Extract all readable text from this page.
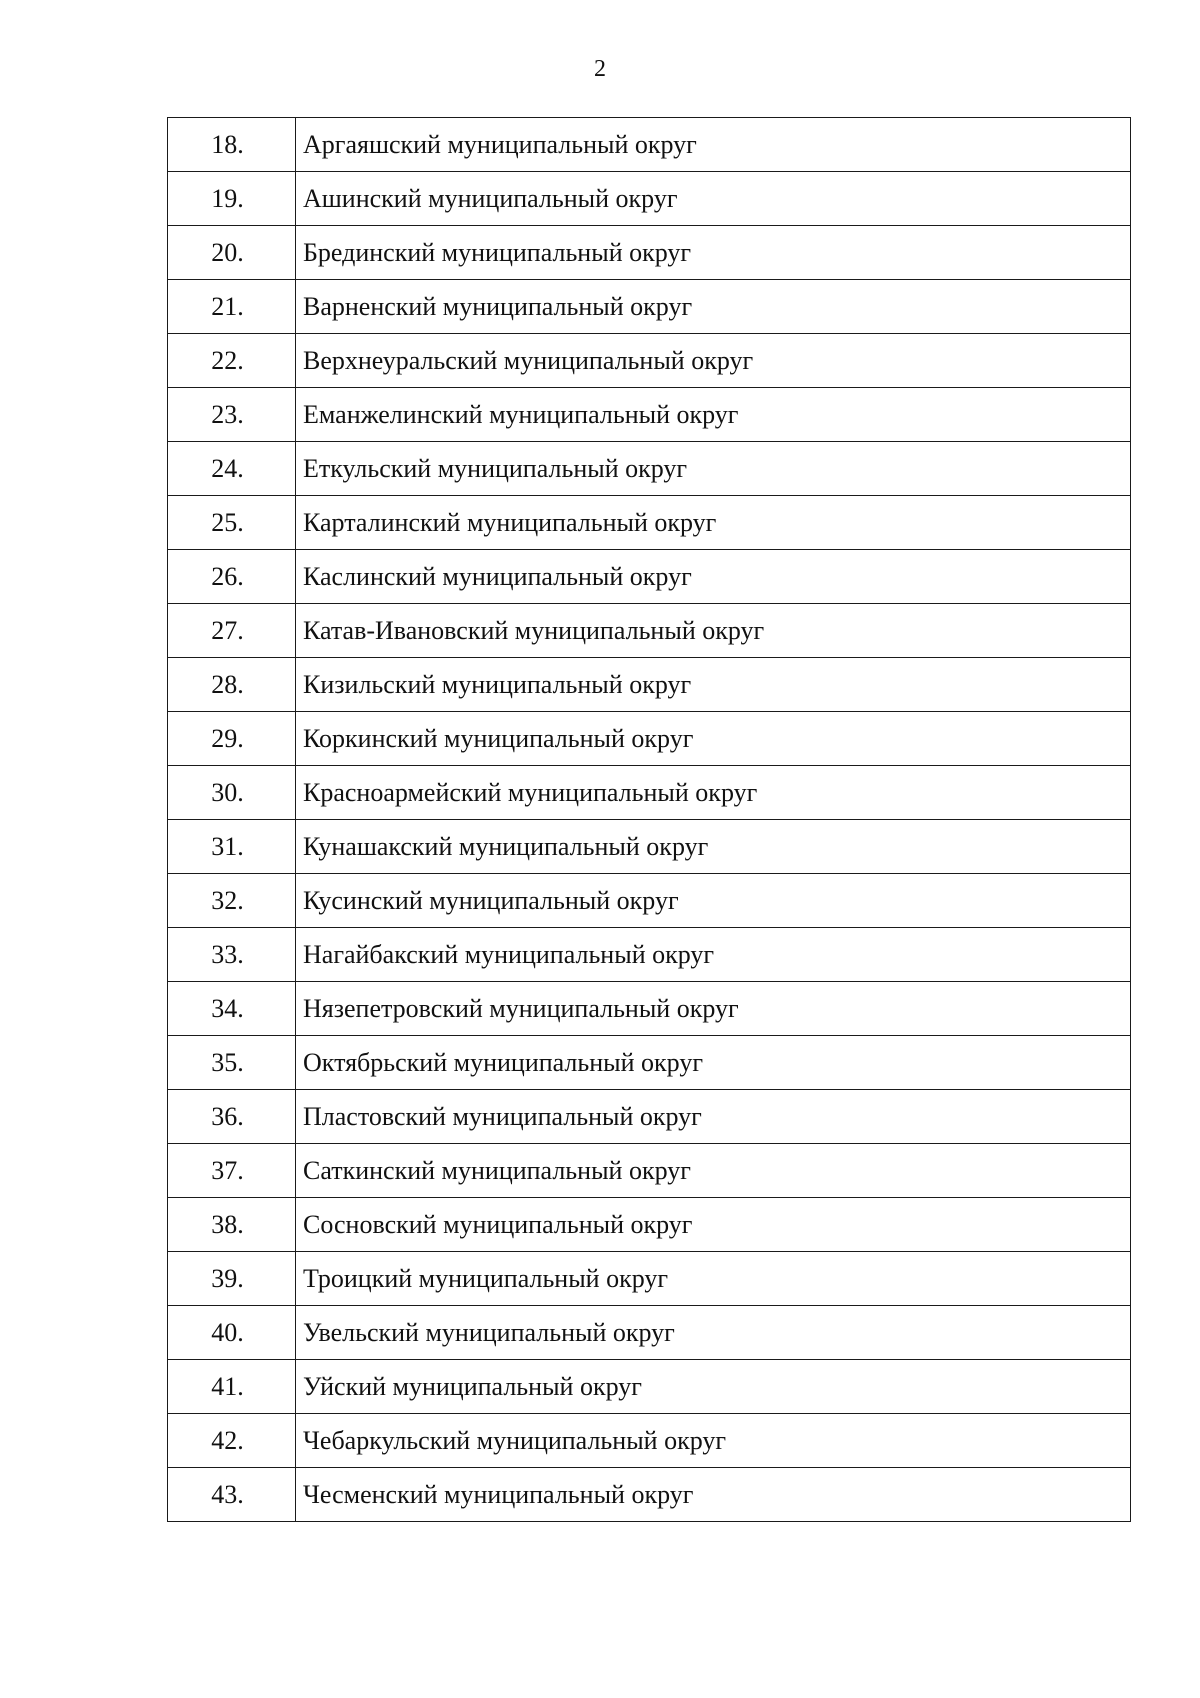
2
18.	Аргаяшский муниципальный округ
19.	Ашинский муниципальный округ
20.	Брединский муниципальный округ
21.	Варненский муниципальный округ
22.	Верхнеуральский муниципальный округ
23.	Еманжелинский муниципальный округ
24.	Еткульский муниципальный округ
25.	Карталинский муниципальный округ
26.	Каслинский муниципальный округ
27.	Катав-Ивановский муниципальный округ
28.	Кизильский муниципальный округ
29.	Коркинский муниципальный округ
30.	Красноармейский муниципальный округ
31.	Кунашакский муниципальный округ
32.	Кусинский муниципальный округ
33.	Нагайбакский муниципальный округ
34.	Нязепетровский муниципальный округ
35.	Октябрьский муниципальный округ
36.	Пластовский муниципальный округ
37.	Саткинский муниципальный округ
38.	Сосновский муниципальный округ
39.	Троицкий муниципальный округ
40.	Увельский муниципальный округ
41.	Уйский муниципальный округ
42.	Чебаркульский муниципальный округ
43.	Чесменский муниципальный округ
